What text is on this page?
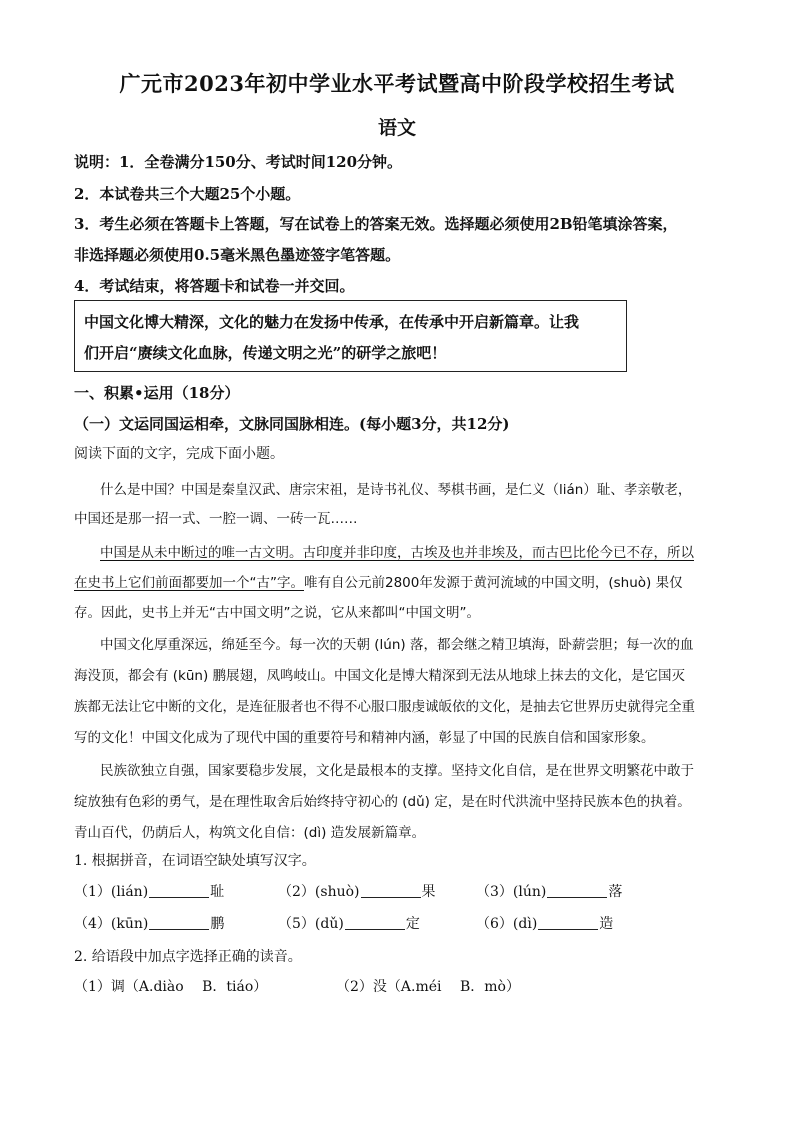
广元市2023年初中学业水平考试暨高中阶段学校招生考试
语文
说明：1．全卷满分150分、考试时间120分钟。
2．本试卷共三个大题25个小题。
3．考生必须在答题卡上答题，写在试卷上的答案无效。选择题必须使用2B铅笔填涂答案，
非选择题必须使用0.5毫米黑色墨迹签字笔答题。
4．考试结束，将答题卡和试卷一并交回。
中国文化博大精深，文化的魅力在发扬中传承，在传承中开启新篇章。让我
们开启“赓续文化血脉，传递文明之光”的研学之旅吧！
一、积累•运用（18分）
（一）文运同国运相牵，文脉同国脉相连。(每小题3分，共12分)
阅读下面的文字，完成下面小题。
什么是中国？中国是秦皇汉武、唐宗宋祖，是诗书礼仪、琴棋书画，是仁义（lián）耻、孝亲敬老，
中国还是那一招一式、一腔一调、一砖一瓦……
中国是从未中断过的唯一古文明。古印度并非印度，古埃及也并非埃及，而古巴比伦今已不存，所以
在史书上它们前面都要加一个“古”字。唯有自公元前2800年发源于黄河流域的中国文明，(shuò) 果仅
存。因此，史书上并无“古中国文明”之说，它从来都叫“中国文明”。
中国文化厚重深远，绵延至今。每一次的天朝 (lún) 落，都会继之精卫填海，卧薪尝胆；每一次的血
海没顶，都会有 (kūn) 鹏展翅，凤鸣岐山。中国文化是博大精深到无法从地球上抹去的文化，是它国灭
族都无法让它中断的文化，是连征服者也不得不心服口服虔诚皈依的文化，是抽去它世界历史就得完全重
写的文化！中国文化成为了现代中国的重要符号和精神内涵，彰显了中国的民族自信和国家形象。
民族欲独立自强，国家要稳步发展，文化是最根本的支撑。坚持文化自信，是在世界文明繁花中敢于
绽放独有色彩的勇气，是在理性取舍后始终持守初心的 (dǔ) 定，是在时代洪流中坚持民族本色的执着。
青山百代，仍荫后人，构筑文化自信：(dì) 造发展新篇章。
1. 根据拼音，在词语空缺处填写汉字。
（1）(lián)	耻	（2）(shuò)	果	（3）(lún)	落
（4）(kūn)	鹏	（5）(dǔ)	定	（6）(dì)	造
2. 给语段中加点字选择正确的读音。
（1）调（A.diào　 B．tiáo）	（2）没（A.méi　 B．mò）
